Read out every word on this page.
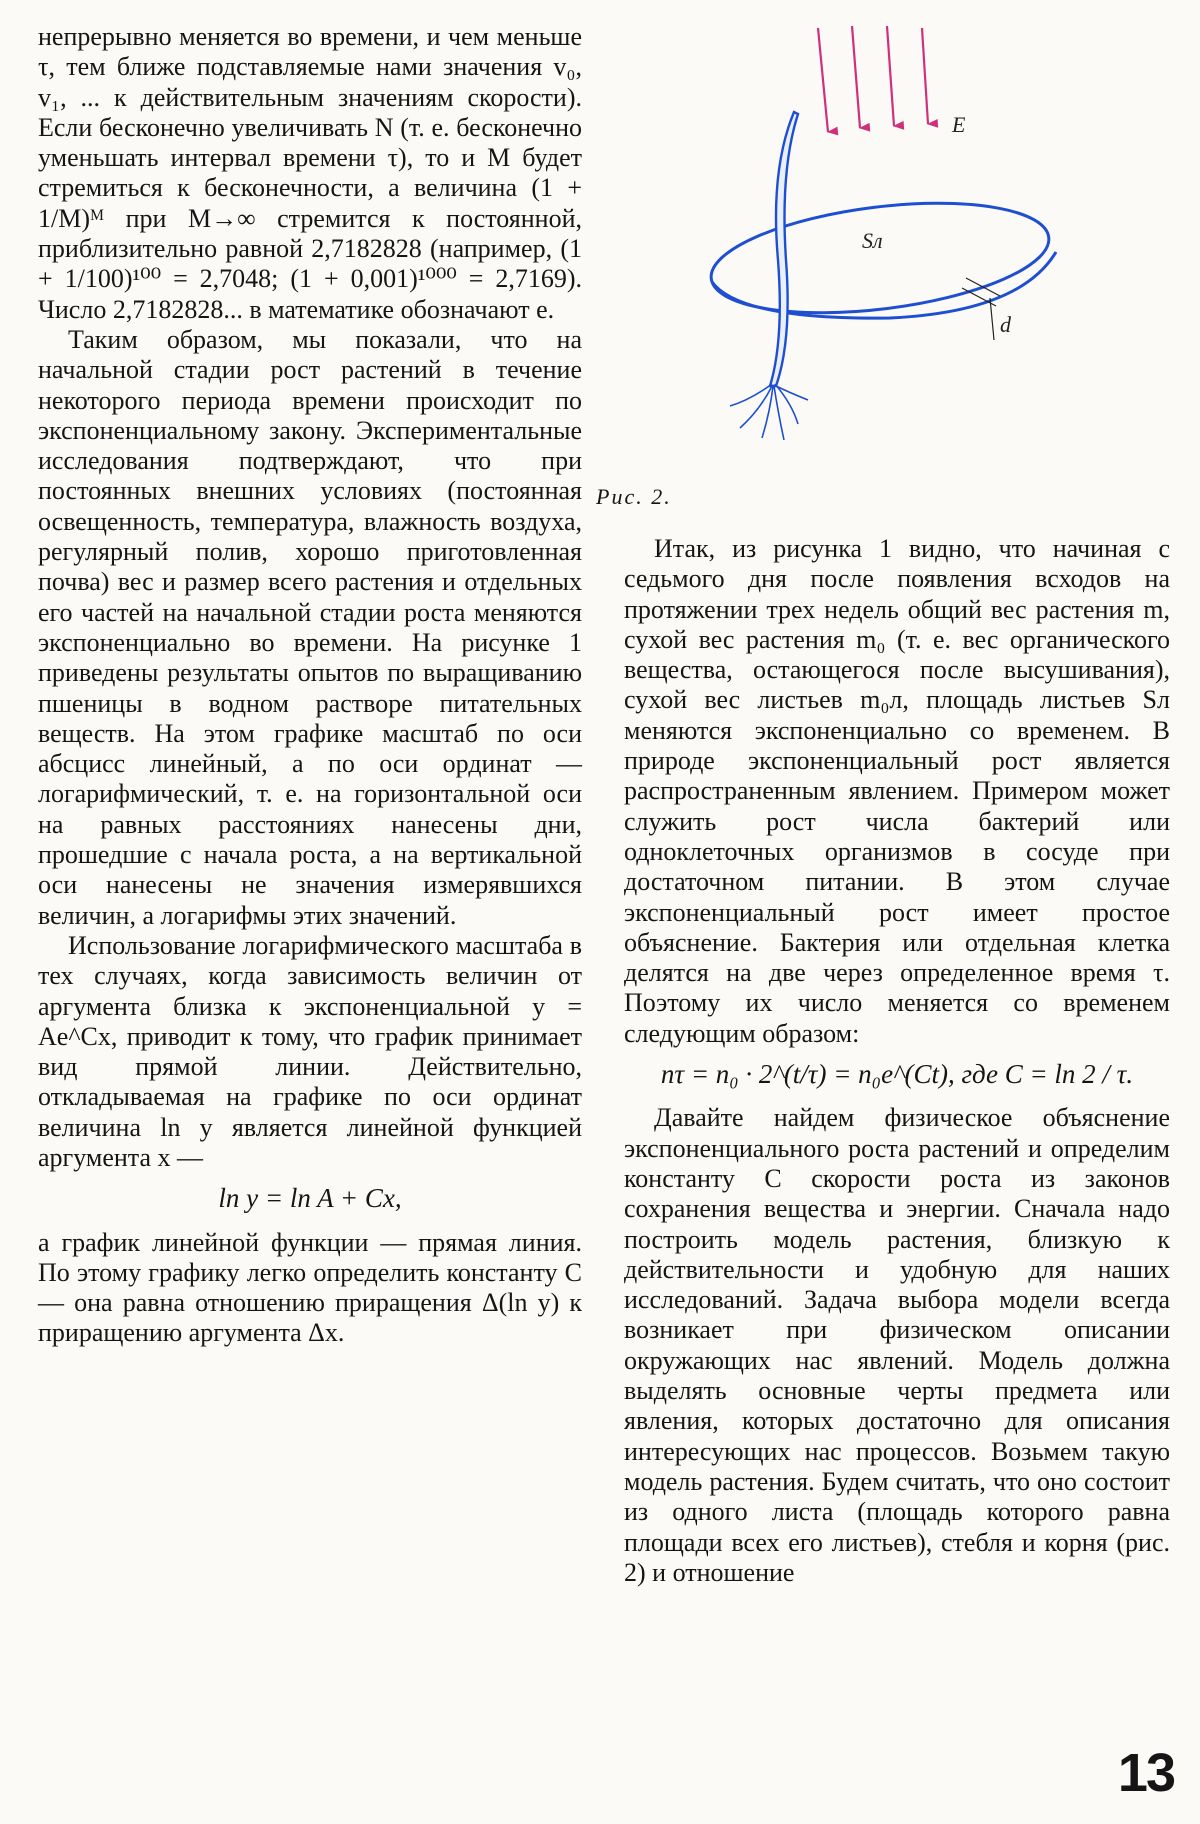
непрерывно меняется во времени, и чем меньше τ, тем ближе подставляемые нами значения v₀, v₁, ... к действительным значениям скорости). Если бесконечно увеличивать N (т. е. бесконечно уменьшать интервал времени τ), то и M будет стремиться к бесконечности, а величина (1 + 1/M)ᴹ при M→∞ стремится к постоянной, приблизительно равной 2,7182828 (например, (1 + 1/100)¹⁰⁰ = 2,7048; (1 + 0,001)¹⁰⁰⁰ = 2,7169). Число 2,7182828... в математике обозначают e.

Таким образом, мы показали, что на начальной стадии рост растений в течение некоторого периода времени происходит по экспоненциальному закону. Экспериментальные исследования подтверждают, что при постоянных внешних условиях (постоянная освещенность, температура, влажность воздуха, регулярный полив, хорошо приготовленная почва) вес и размер всего растения и отдельных его частей на начальной стадии роста меняются экспоненциально во времени. На рисунке 1 приведены результаты опытов по выращиванию пшеницы в водном растворе питательных веществ. На этом графике масштаб по оси абсцисс линейный, а по оси ординат — логарифмический, т. е. на горизонтальной оси на равных расстояниях нанесены дни, прошедшие с начала роста, а на вертикальной оси нанесены не значения измерявшихся величин, а логарифмы этих значений.

Использование логарифмического масштаба в тех случаях, когда зависимость величин от аргумента близка к экспоненциальной y = Ae^Cx, приводит к тому, что график принимает вид прямой линии. Действительно, откладываемая на графике по оси ординат величина ln y является линейной функцией аргумента x —

ln y = ln A + Cx,

а график линейной функции — прямая линия. По этому графику легко определить константу C — она равна отношению приращения Δ(ln y) к приращению аргумента Δx.

E
Sл
d
Рис. 2.

Итак, из рисунка 1 видно, что начиная с седьмого дня после появления всходов на протяжении трех недель общий вес растения m, сухой вес растения m₀ (т. е. вес органического вещества, остающегося после высушивания), сухой вес листьев m₀л, площадь листьев Sл меняются экспоненциально со временем. В природе экспоненциальный рост является распространенным явлением. Примером может служить рост числа бактерий или одноклеточных организмов в сосуде при достаточном питании. В этом случае экспоненциальный рост имеет простое объяснение. Бактерия или отдельная клетка делятся на две через определенное время τ. Поэтому их число меняется со временем следующим образом:

nτ = n₀ · 2^(t/τ) = n₀e^(Ct), где C = ln 2 / τ.

Давайте найдем физическое объяснение экспоненциального роста растений и определим константу C скорости роста из законов сохранения вещества и энергии. Сначала надо построить модель растения, близкую к действительности и удобную для наших исследований. Задача выбора модели всегда возникает при физическом описании окружающих нас явлений. Модель должна выделять основные черты предмета или явления, которых достаточно для описания интересующих нас процессов. Возьмем такую модель растения. Будем считать, что оно состоит из одного листа (площадь которого равна площади всех его листьев), стебля и корня (рис. 2) и отношение

13
